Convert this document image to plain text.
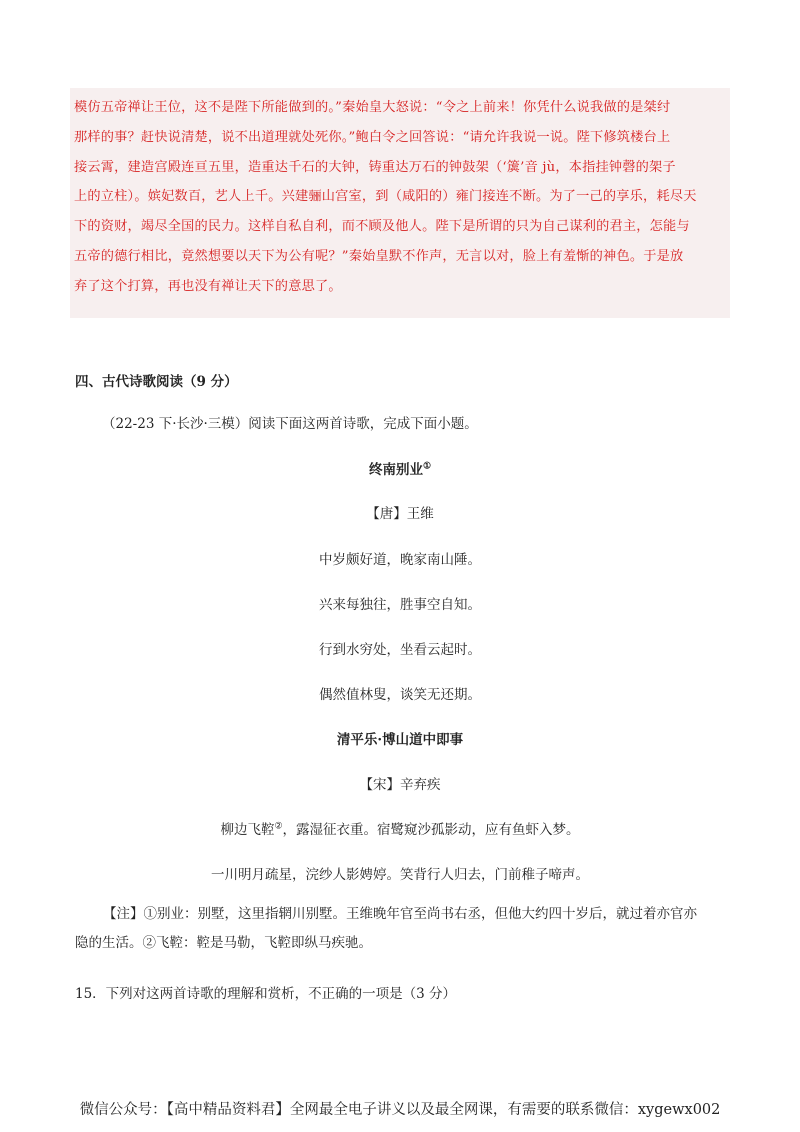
模仿五帝禅让王位，这不是陛下所能做到的。”秦始皇大怒说：“令之上前来！你凭什么说我做的是桀纣

那样的事？赶快说清楚，说不出道理就处死你。”鲍白令之回答说：“请允许我说一说。陛下修筑楼台上

接云霄，建造宫殿连亘五里，造重达千石的大钟，铸重达万石的钟鼓架（‘簴’音 jù，本指挂钟磬的架子

上的立柱）。嫔妃数百，艺人上千。兴建骊山宫室，到（咸阳的）雍门接连不断。为了一己的享乐，耗尽天

下的资财，竭尽全国的民力。这样自私自利，而不顾及他人。陛下是所谓的只为自己谋利的君主，怎能与

五帝的德行相比，竟然想要以天下为公有呢？”秦始皇默不作声，无言以对，脸上有羞惭的神色。于是放

弃了这个打算，再也没有禅让天下的意思了。

四、古代诗歌阅读（9 分）

（22-23 下·长沙·三模）阅读下面这两首诗歌，完成下面小题。

终南别业①

【唐】王维

中岁颇好道，晚家南山陲。

兴来每独往，胜事空自知。

行到水穷处，坐看云起时。

偶然值林叟，谈笑无还期。

清平乐·博山道中即事

【宋】辛弃疾

柳边飞鞚②，露湿征衣重。宿鹭窥沙孤影动，应有鱼虾入梦。

一川明月疏星，浣纱人影娉婷。笑背行人归去，门前稚子啼声。

【注】①别业：别墅，这里指辋川别墅。王维晚年官至尚书右丞，但他大约四十岁后，就过着亦官亦
隐的生活。②飞鞚：鞚是马勒，飞鞚即纵马疾驰。

15．下列对这两首诗歌的理解和赏析，不正确的一项是（3 分）

微信公众号：【高中精品资料君】全网最全电子讲义以及最全网课，有需要的联系微信：xygewx002
